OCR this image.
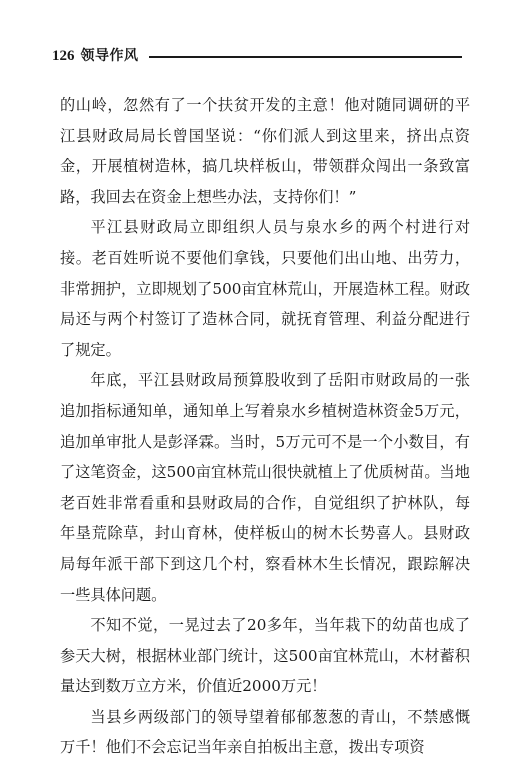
126 领导作风

的山岭，忽然有了一个扶贫开发的主意！他对随同调研的平江县财政局局长曾国坚说：“你们派人到这里来，挤出点资金，开展植树造林，搞几块样板山，带领群众闯出一条致富路，我回去在资金上想些办法，支持你们！”

平江县财政局立即组织人员与泉水乡的两个村进行对接。老百姓听说不要他们拿钱，只要他们出山地、出劳力，非常拥护，立即规划了500亩宜林荒山，开展造林工程。财政局还与两个村签订了造林合同，就抚育管理、利益分配进行了规定。

年底，平江县财政局预算股收到了岳阳市财政局的一张追加指标通知单，通知单上写着泉水乡植树造林资金5万元，追加单审批人是彭泽霖。当时，5万元可不是一个小数目，有了这笔资金，这500亩宜林荒山很快就植上了优质树苗。当地老百姓非常看重和县财政局的合作，自觉组织了护林队，每年垦荒除草，封山育林，使样板山的树木长势喜人。县财政局每年派干部下到这几个村，察看林木生长情况，跟踪解决一些具体问题。

不知不觉，一晃过去了20多年，当年栽下的幼苗也成了参天大树，根据林业部门统计，这500亩宜林荒山，木材蓄积量达到数万立方米，价值近2000万元！

当县乡两级部门的领导望着郁郁葱葱的青山，不禁感慨万千！他们不会忘记当年亲自拍板出主意，拨出专项资
